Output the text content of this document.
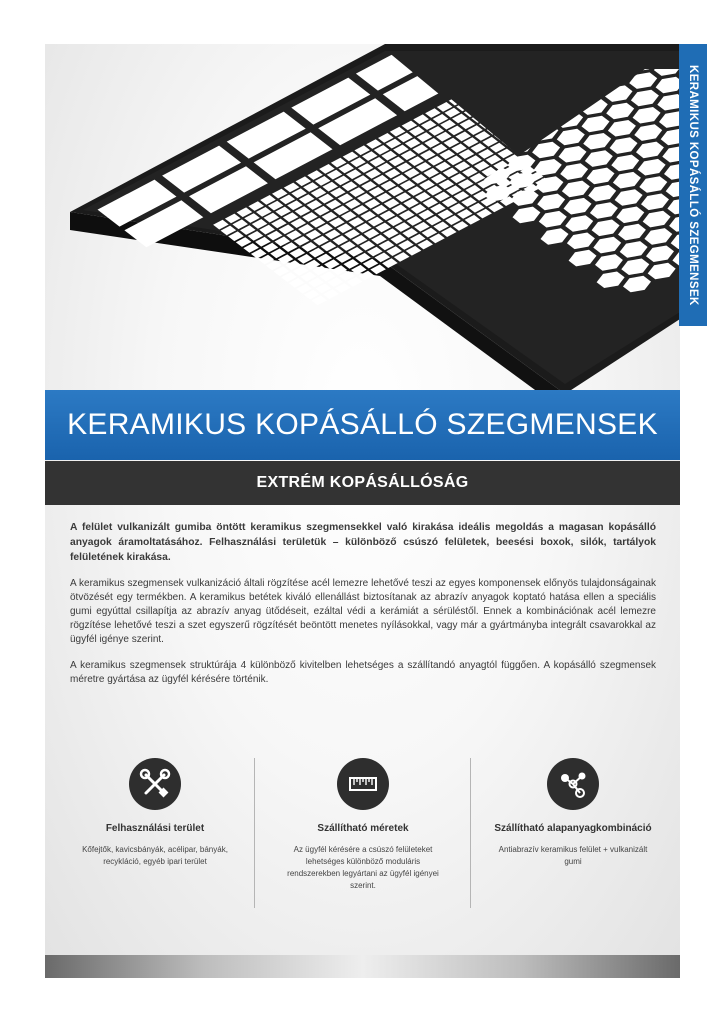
KERAMIKUS KOPÁSÁLLÓ SZEGMENSEK
KERAMIKUS KOPÁSÁLLÓ SZEGMENSEK
EXTRÉM KOPÁSÁLLÓSÁG

A felület vulkanizált gumiba öntött keramikus szegmensekkel való kirakása ideális megoldás a magasan kopásálló anyagok áramoltatásához. Felhasználási területük – különböző csúszó felületek, beesési boxok, silók, tartályok felületének kirakása.

A keramikus szegmensek vulkanizáció általi rögzítése acél lemezre lehetővé teszi az egyes komponensek előnyös tulajdonságainak ötvözését egy termékben. A keramikus betétek kiváló ellenállást biztosítanak az abrazív anyagok koptató hatása ellen a speciális gumi egyúttal csillapítja az abrazív anyag ütődéseit, ezáltal védi a kerámiát a sérüléstől. Ennek a kombinációnak acél lemezre rögzítése lehetővé teszi a szet egyszerű rögzítését beöntött menetes nyílásokkal, vagy már a gyártmányba integrált csavarokkal az ügyfél igénye szerint.

A keramikus szegmensek struktúrája 4 különböző kivitelben lehetséges a szállítandó anyagtól függően. A kopásálló szegmensek méretre gyártása az ügyfél kérésére történik.

Felhasználási terület
Kőfejtők, kavicsbányák, acélipar, bányák, recykláció, egyéb ipari terület
Szállítható méretek
Az ügyfél kérésére a csúszó felületeket lehetséges különböző moduláris rendszerekben legyártani az ügyfél igényei szerint.
Szállítható alapanyagkombináció
Antiabrazív keramikus felület + vulkanizált gumi
